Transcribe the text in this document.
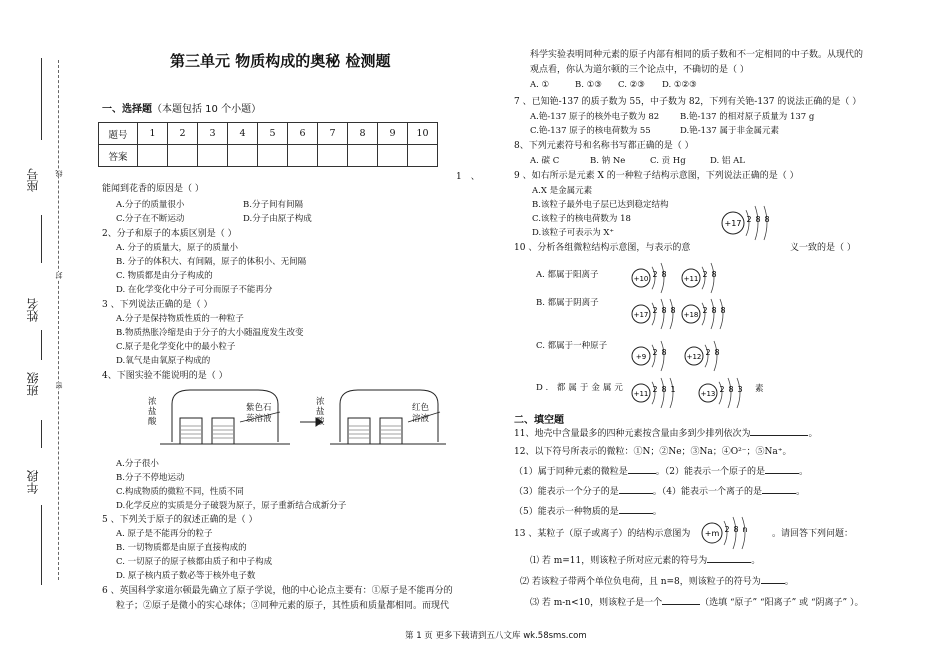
座号
姓名
班级
年段
线
封
密
第三单元 物质构成的奥秘 检测题
一、选择题（本题包括 10 个小题）
题号	1	2	3	4	5	6	7	8	9	10
答案										
1　、
能闻到花香的原因是（ ）
A.分子的质量很小	B.分子间有间隔
C.分子在不断运动	D.分子由原子构成
2、分子和原子的本质区别是（ ）
A. 分子的质量大，原子的质量小
B. 分子的体积大、有间隔，原子的体积小、无间隔
C. 物质都是由分子构成的
D. 在化学变化中分子可分而原子不能再分
3 、下列说法正确的是（ ）
A.分子是保持物质性质的一种粒子
B.物质热胀冷缩是由于分子的大小随温度发生改变
C.原子是化学变化中的最小粒子
D.氧气是由氧原子构成的
4、下图实验不能说明的是（ ）
浓
盐
酸
紫色石
蕊溶液
浓
盐
酸
红色
溶液
A.分子很小
B.分子不停地运动
C.构成物质的微粒不同，性质不同
D.化学反应的实质是分子破裂为原子，原子重新结合成新分子
5 、下列关于原子的叙述正确的是（ ）
A. 原子是不能再分的粒子
B. 一切物质都是由原子直接构成的
C. 一切原子的原子核都由质子和中子构成
D. 原子核内质子数必等于核外电子数
6 、英国科学家道尔顿最先确立了原子学说，他的中心论点主要有：①原子是不能再分的
粒子；②原子是微小的实心球体；③同种元素的原子，其性质和质量都相同。而现代
科学实验表明同种元素的原子内部有相同的质子数和不一定相同的中子数。从现代的
观点看，你认为道尔顿的三个论点中，不确切的是（ ）
A. ①	B. ①③ C. ②③ D. ①②③
7 、已知铯-137 的质子数为 55，中子数为 82，下列有关铯-137 的说法正确的是（ ）
A.铯-137 原子的核外电子数为 82 B.铯-137 的相对原子质量为 137 g
C.铯-137 原子的核电荷数为 55	D.铯-137 属于非金属元素
8、下列元素符号和名称书写都正确的是（ ）
A. 碳 C	B. 钠 Ne	C. 贡 Hg	D. 铝 AL
9 、如右所示是元素 X 的一种粒子结构示意图，下列说法正确的是（ ）
A.X 是金属元素
B.该粒子最外电子层已达到稳定结构
C.该粒子的核电荷数为 18
D.该粒子可表示为 X⁺
+17 2 8 8
10 、分析各组微粒结构示意图，与表示的意	义一致的是（ ）
A. 都属于阳离子
B. 都属于阴离子
C. 都属于一种原子
D. 都属于金属元	素
+10 2 8 +11 2 8
+17 2 8 8 +18 2 8 8
+9 2 8	+12 2 8
+11 2 8 1	+13 2 8 3
二、填空题
11、地壳中含量最多的四种元素按含量由多到少排列依次为	。
12、以下符号所表示的微粒：①N；②Ne；③Na；④O²⁻；⑤Na⁺。
（1）属于同种元素的微粒是	。（2）能表示一个原子的是	。
（3）能表示一个分子的是	。（4）能表示一个离子的是	。
（5）能表示一种物质的是	。
13 、某粒子（原子或离子）的结构示意图为 +m 2 8 n	。请回答下列问题：
⑴ 若 m=11，则该粒子所对应元素的符号为	。
⑵ 若该粒子带两个单位负电荷，且 n=8，则该粒子的符号为	。
⑶ 若 m-n<10，则该粒子是一个	（选填 “原子” “阳离子” 或 “阴离子” ）。
第 1 页 更多下载请到五八文库 wk.58sms.com
